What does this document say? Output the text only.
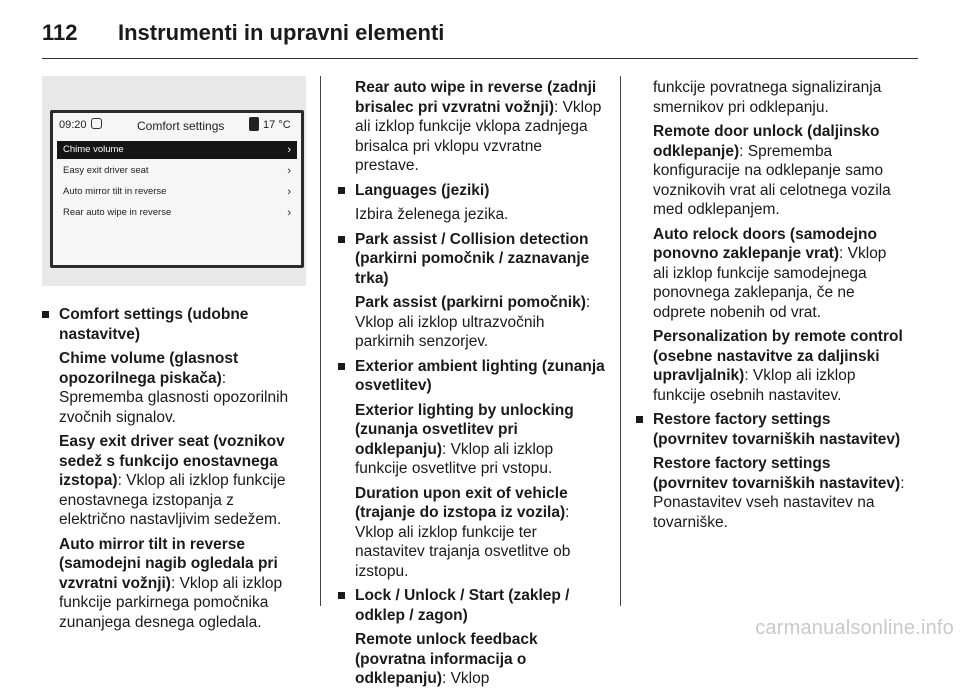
112 Instrumenti in upravni elementi
09:20	Comfort settings	17 °C
Chime volume	›
Easy exit driver seat	›
Auto mirror tilt in reverse	›
Rear auto wipe in reverse	›

Comfort settings (udobne nastavitve)

Chime volume (glasnost opozorilnega piskača): Sprememba glasnosti opozorilnih zvočnih signalov.

Easy exit driver seat (voznikov sedež s funkcijo enostavnega izstopa): Vklop ali izklop funkcije enostavnega izstopanja z električno nastavljivim sedežem.

Auto mirror tilt in reverse (samodejni nagib ogledala pri vzvratni vožnji): Vklop ali izklop funkcije parkirnega pomočnika zunanjega desnega ogledala.

Rear auto wipe in reverse (zadnji brisalec pri vzvratni vožnji): Vklop ali izklop funkcije vklopa zadnjega brisalca pri vklopu vzvratne prestave.

Languages (jeziki)

Izbira želenega jezika.

Park assist / Collision detection (parkirni pomočnik / zaznavanje trka)

Park assist (parkirni pomočnik): Vklop ali izklop ultrazvočnih parkirnih senzorjev.

Exterior ambient lighting (zunanja osvetlitev)

Exterior lighting by unlocking (zunanja osvetlitev pri odklepanju): Vklop ali izklop funkcije osvetlitve pri vstopu.

Duration upon exit of vehicle (trajanje do izstopa iz vozila): Vklop ali izklop funkcije ter nastavitev trajanja osvetlitve ob izstopu.

Lock / Unlock / Start (zaklep / odklep / zagon)

Remote unlock feedback (povratna informacija o odklepanju): Vklop

funkcije povratnega signaliziranja smernikov pri odklepanju.

Remote door unlock (daljinsko odklepanje): Sprememba konfiguracije na odklepanje samo voznikovih vrat ali celotnega vozila med odklepanjem.

Auto relock doors (samodejno ponovno zaklepanje vrat): Vklop ali izklop funkcije samodejnega ponovnega zaklepanja, če ne odprete nobenih od vrat.

Personalization by remote control (osebne nastavitve za daljinski upravljalnik): Vklop ali izklop funkcije osebnih nastavitev.

Restore factory settings (povrnitev tovarniških nastavitev)

Restore factory settings (povrnitev tovarniških nastavitev): Ponastavitev vseh nastavitev na tovarniške.

carmanualsonline.info
